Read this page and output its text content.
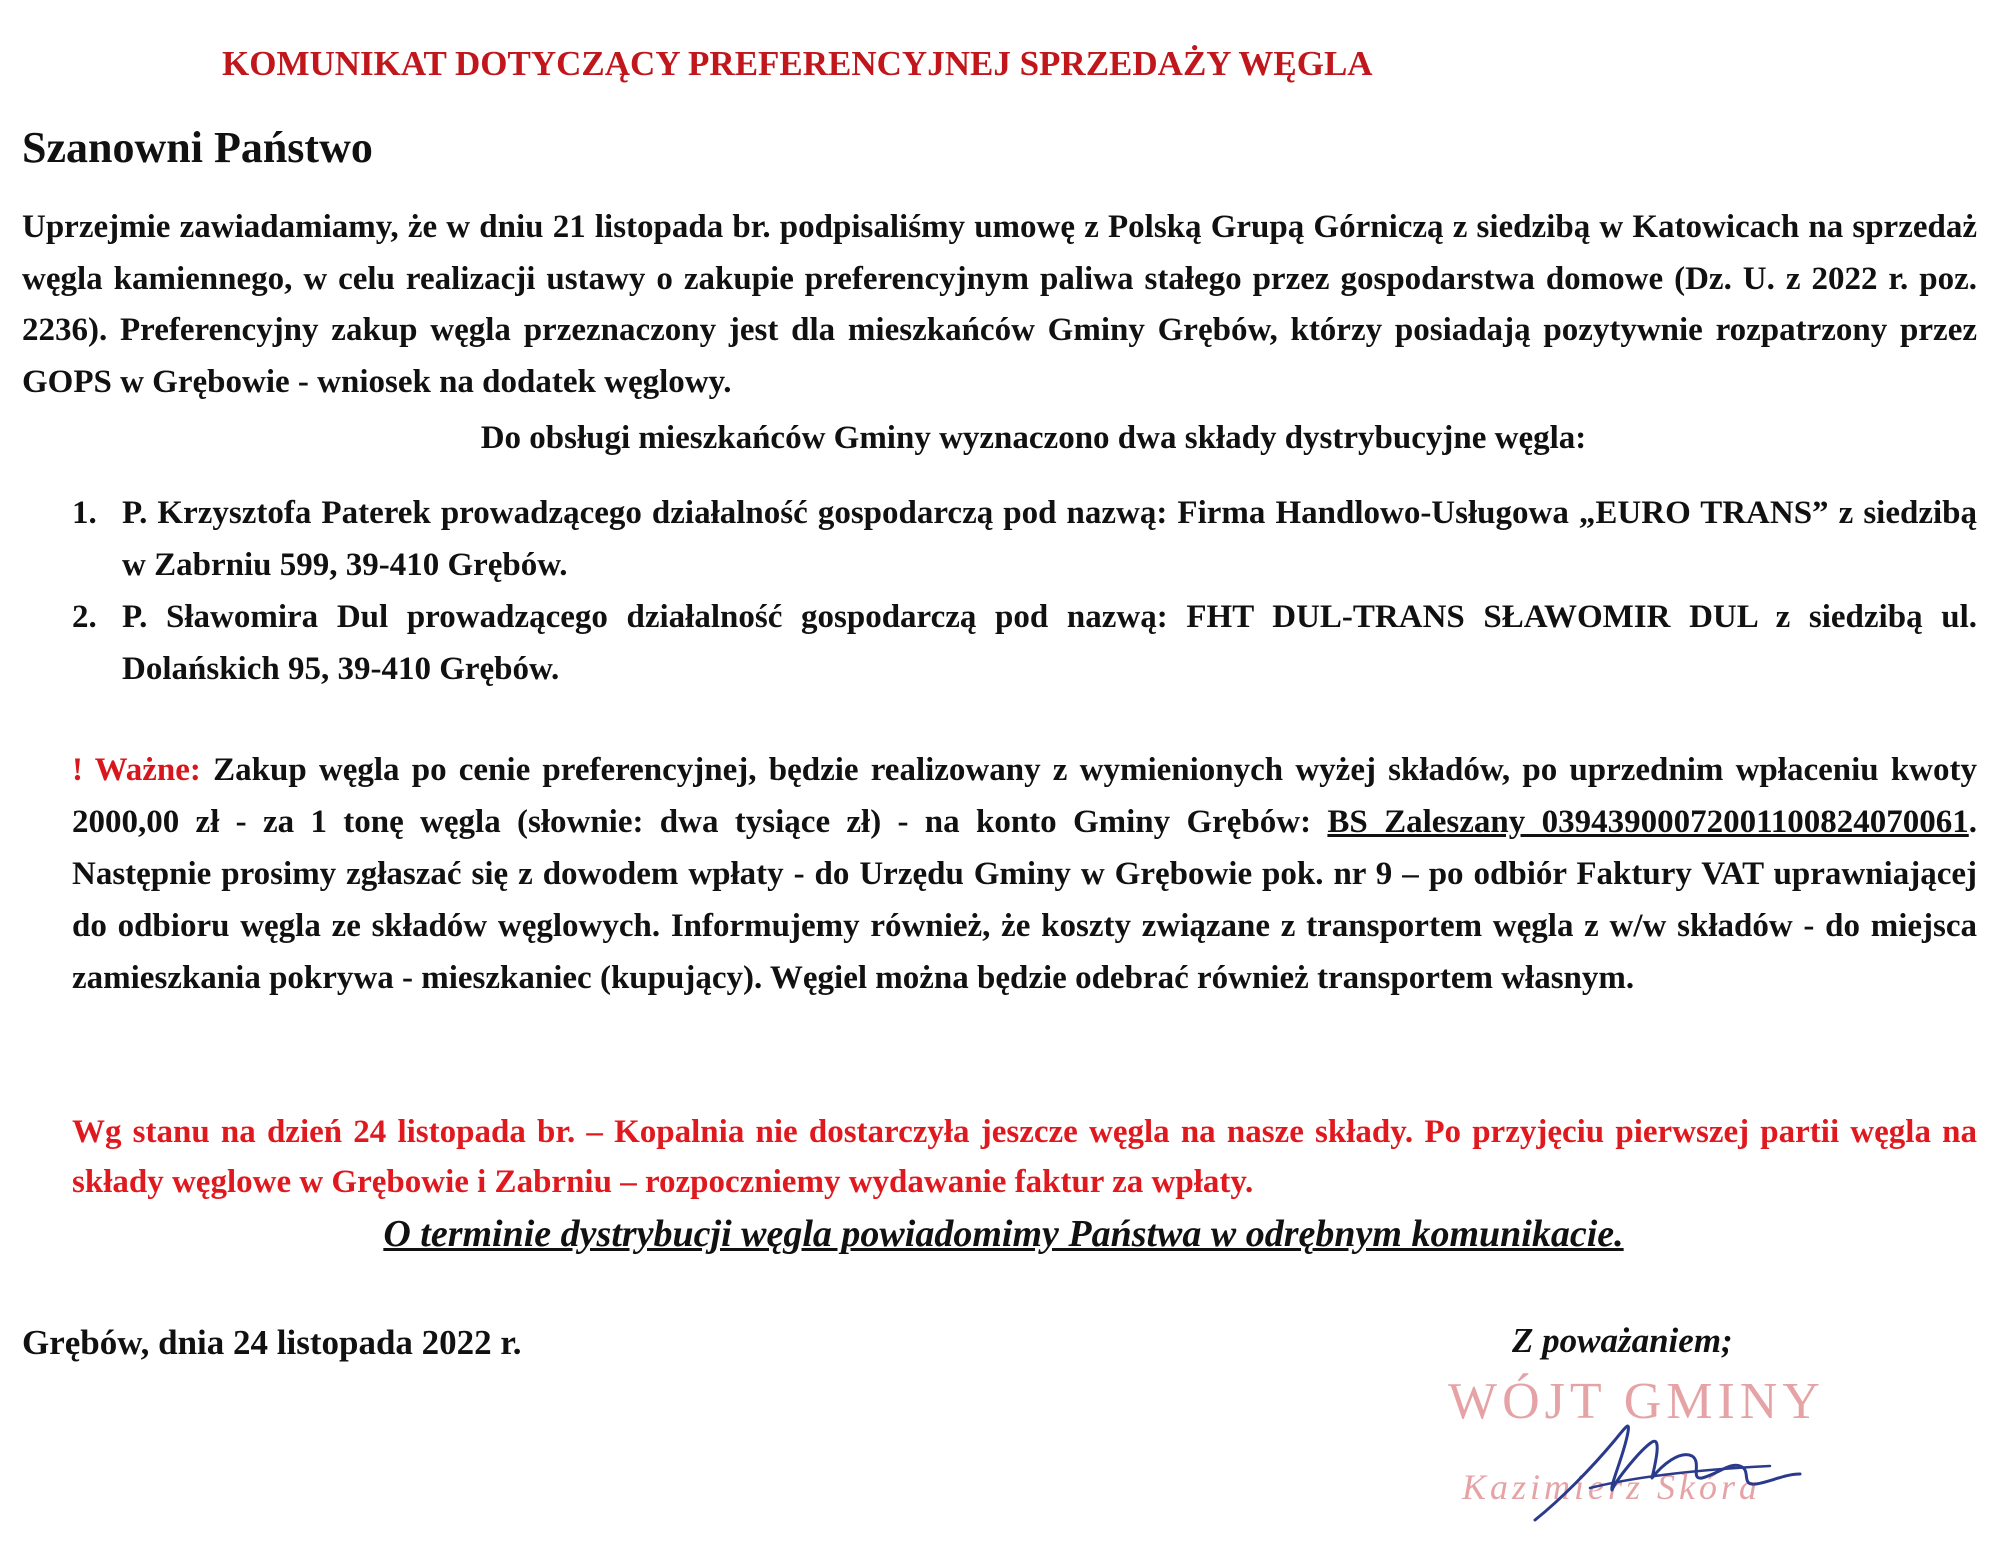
KOMUNIKAT DOTYCZĄCY PREFERENCYJNEJ SPRZEDAŻY WĘGLA
Szanowni Państwo

Uprzejmie zawiadamiamy, że w dniu 21 listopada br. podpisaliśmy umowę z Polską Grupą Górniczą z siedzibą w Katowicach na sprzedaż węgla kamiennego, w celu realizacji ustawy o zakupie preferencyjnym paliwa stałego przez gospodarstwa domowe (Dz. U. z 2022 r. poz. 2236). Preferencyjny zakup węgla przeznaczony jest dla mieszkańców Gminy Grębów, którzy posiadają pozytywnie rozpatrzony przez GOPS w Grębowie - wniosek na dodatek węglowy.

Do obsługi mieszkańców Gminy wyznaczono dwa składy dystrybucyjne węgla:
1. P. Krzysztofa Paterek prowadzącego działalność gospodarczą pod nazwą: Firma Handlowo-Usługowa „EURO TRANS” z siedzibą w Zabrniu 599, 39-410 Grębów.
2. P. Sławomira Dul prowadzącego działalność gospodarczą pod nazwą: FHT DUL-TRANS SŁAWOMIR DUL z siedzibą ul. Dolańskich 95, 39-410 Grębów.

! Ważne: Zakup węgla po cenie preferencyjnej, będzie realizowany z wymienionych wyżej składów, po uprzednim wpłaceniu kwoty 2000,00 zł - za 1 tonę węgla (słownie: dwa tysiące zł) - na konto Gminy Grębów: BS Zaleszany 03943900072001100824070061. Następnie prosimy zgłaszać się z dowodem wpłaty - do Urzędu Gminy w Grębowie pok. nr 9 – po odbiór Faktury VAT uprawniającej do odbioru węgla ze składów węglowych. Informujemy również, że koszty związane z transportem węgla z w/w składów - do miejsca zamieszkania pokrywa - mieszkaniec (kupujący). Węgiel można będzie odebrać również transportem własnym.

Wg stanu na dzień 24 listopada br. – Kopalnia nie dostarczyła jeszcze węgla na nasze składy. Po przyjęciu pierwszej partii węgla na składy węglowe w Grębowie i Zabrniu – rozpoczniemy wydawanie faktur za wpłaty.

O terminie dystrybucji węgla powiadomimy Państwa w odrębnym komunikacie.
Grębów, dnia 24 listopada 2022 r.	Z poważaniem;
WÓJT GMINY
Kazimierz Skóra
